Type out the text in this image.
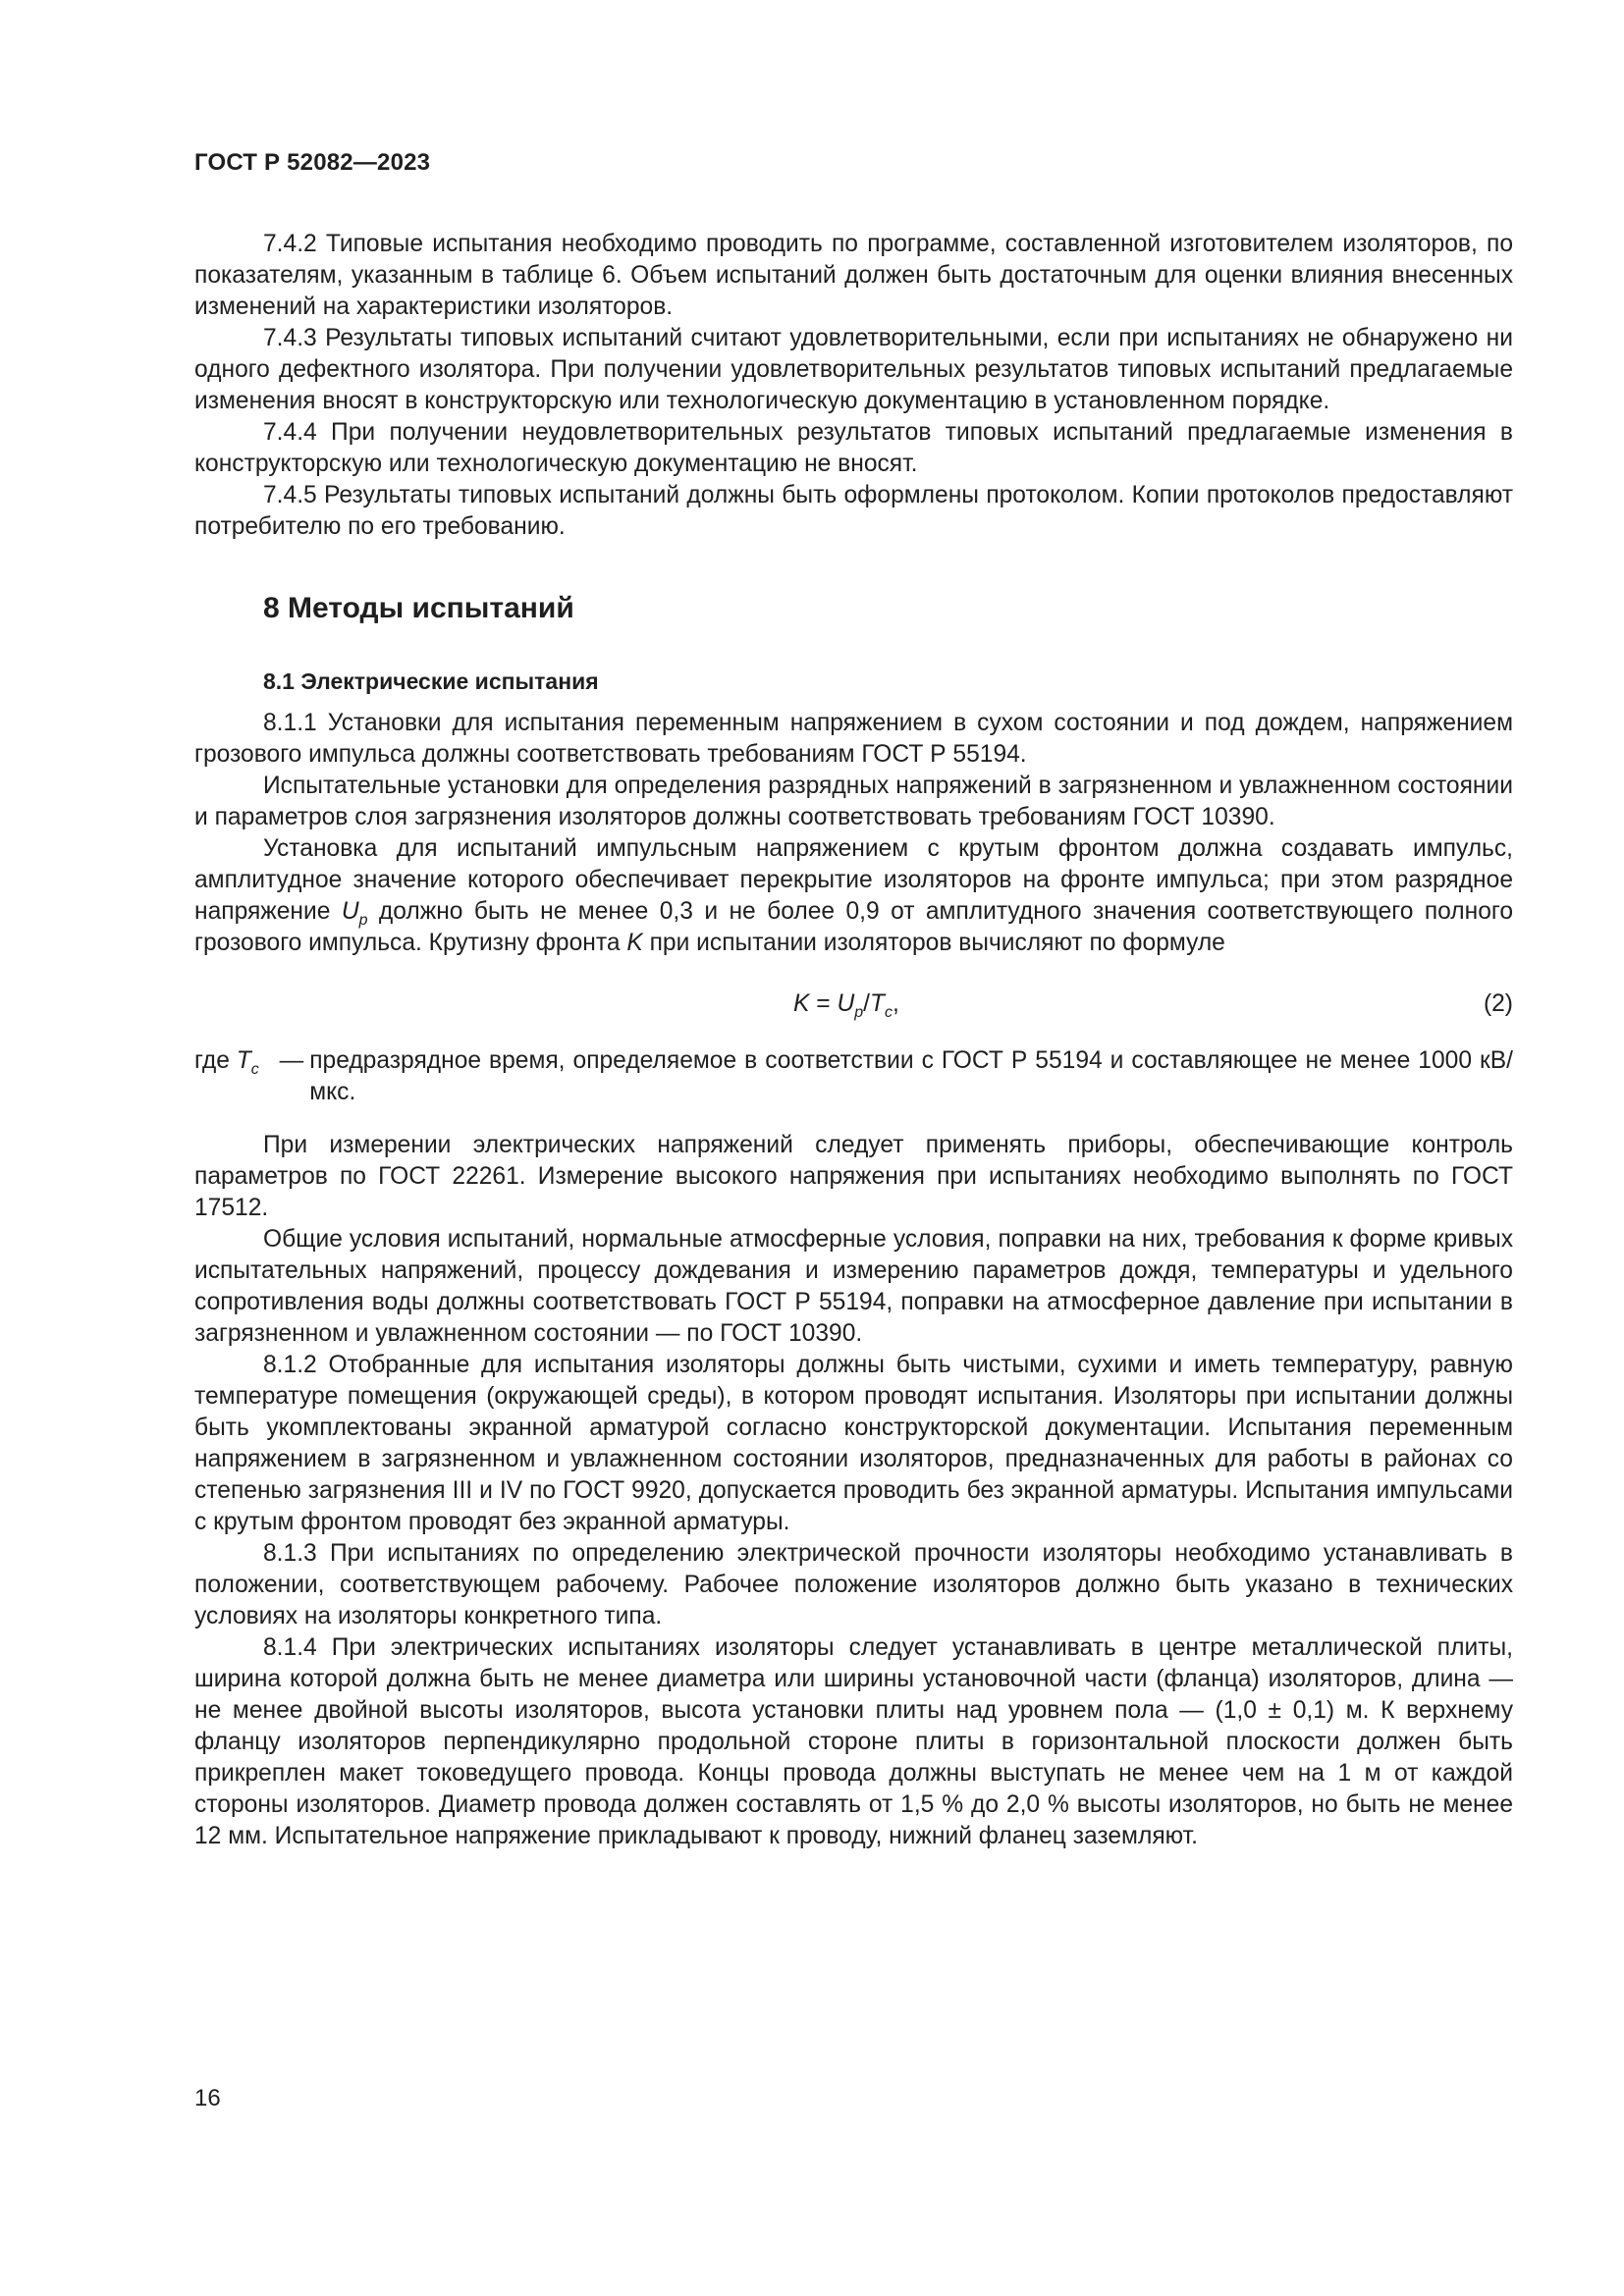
ГОСТ Р 52082—2023

7.4.2 Типовые испытания необходимо проводить по программе, составленной изготовителем изоляторов, по показателям, указанным в таблице 6. Объем испытаний должен быть достаточным для оценки влияния внесенных изменений на характеристики изоляторов.

7.4.3 Результаты типовых испытаний считают удовлетворительными, если при испытаниях не обнаружено ни одного дефектного изолятора. При получении удовлетворительных результатов типовых испытаний предлагаемые изменения вносят в конструкторскую или технологическую документацию в установленном порядке.

7.4.4 При получении неудовлетворительных результатов типовых испытаний предлагаемые изменения в конструкторскую или технологическую документацию не вносят.

7.4.5 Результаты типовых испытаний должны быть оформлены протоколом. Копии протоколов предоставляют потребителю по его требованию.

8 Методы испытаний
8.1 Электрические испытания

8.1.1 Установки для испытания переменным напряжением в сухом состоянии и под дождем, напряжением грозового импульса должны соответствовать требованиям ГОСТ Р 55194.

Испытательные установки для определения разрядных напряжений в загрязненном и увлажненном состоянии и параметров слоя загрязнения изоляторов должны соответствовать требованиям ГОСТ 10390.

Установка для испытаний импульсным напряжением с крутым фронтом должна создавать импульс, амплитудное значение которого обеспечивает перекрытие изоляторов на фронте импульса; при этом разрядное напряжение $U_p$ должно быть не менее 0,3 и не более 0,9 от амплитудного значения соответствующего полного грозового импульса. Крутизну фронта K при испытании изоляторов вычисляют по формуле

$K = U_p/T_c$,	(2)
где $T_c$ — предразрядное время, определяемое в соответствии с ГОСТ Р 55194 и составляющее не менее 1000 кВ/мкс.

При измерении электрических напряжений следует применять приборы, обеспечивающие контроль параметров по ГОСТ 22261. Измерение высокого напряжения при испытаниях необходимо выполнять по ГОСТ 17512.

Общие условия испытаний, нормальные атмосферные условия, поправки на них, требования к форме кривых испытательных напряжений, процессу дождевания и измерению параметров дождя, температуры и удельного сопротивления воды должны соответствовать ГОСТ Р 55194, поправки на атмосферное давление при испытании в загрязненном и увлажненном состоянии — по ГОСТ 10390.

8.1.2 Отобранные для испытания изоляторы должны быть чистыми, сухими и иметь температуру, равную температуре помещения (окружающей среды), в котором проводят испытания. Изоляторы при испытании должны быть укомплектованы экранной арматурой согласно конструкторской документации. Испытания переменным напряжением в загрязненном и увлажненном состоянии изоляторов, предназначенных для работы в районах со степенью загрязнения III и IV по ГОСТ 9920, допускается проводить без экранной арматуры. Испытания импульсами с крутым фронтом проводят без экранной арматуры.

8.1.3 При испытаниях по определению электрической прочности изоляторы необходимо устанавливать в положении, соответствующем рабочему. Рабочее положение изоляторов должно быть указано в технических условиях на изоляторы конкретного типа.

8.1.4 При электрических испытаниях изоляторы следует устанавливать в центре металлической плиты, ширина которой должна быть не менее диаметра или ширины установочной части (фланца) изоляторов, длина — не менее двойной высоты изоляторов, высота установки плиты над уровнем пола — (1,0 ± 0,1) м. К верхнему фланцу изоляторов перпендикулярно продольной стороне плиты в горизонтальной плоскости должен быть прикреплен макет токоведущего провода. Концы провода должны выступать не менее чем на 1 м от каждой стороны изоляторов. Диаметр провода должен составлять от 1,5 % до 2,0 % высоты изоляторов, но быть не менее 12 мм. Испытательное напряжение прикладывают к проводу, нижний фланец заземляют.

16
